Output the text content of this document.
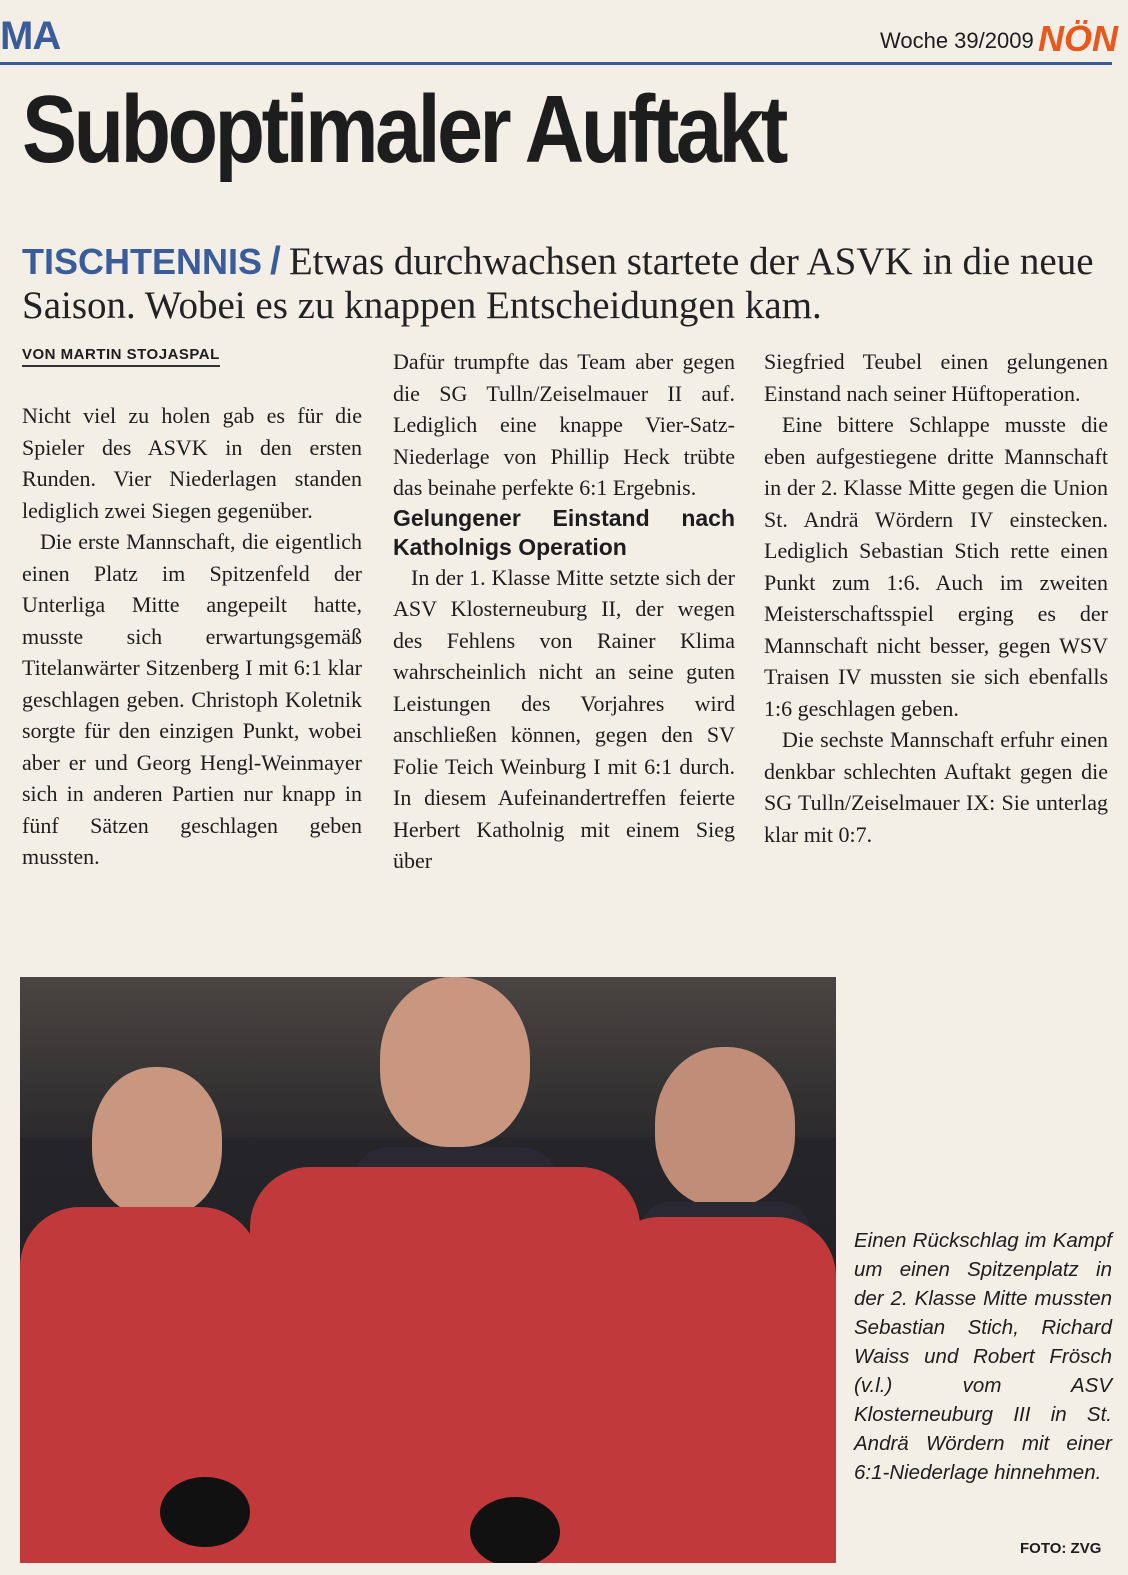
MA	Woche 39/2009 NÖN
Suboptimaler Auftakt
TISCHTENNIS / Etwas durchwachsen startete der ASVK in die neue Saison. Wobei es zu knappen Entscheidungen kam.
VON MARTIN STOJASPAL

Nicht viel zu holen gab es für die Spieler des ASVK in den ersten Runden. Vier Niederlagen standen lediglich zwei Siegen gegenüber.

Die erste Mannschaft, die eigentlich einen Platz im Spitzenfeld der Unterliga Mitte angepeilt hatte, musste sich erwartungsgemäß Titelanwärter Sitzenberg I mit 6:1 klar geschlagen geben. Christoph Koletnik sorgte für den einzigen Punkt, wobei aber er und Georg Hengl-Weinmayer sich in anderen Partien nur knapp in fünf Sätzen geschlagen geben mussten.

Dafür trumpfte das Team aber gegen die SG Tulln/Zeiselmauer II auf. Lediglich eine knappe Vier-Satz-Niederlage von Phillip Heck trübte das beinahe perfekte 6:1 Ergebnis.

Gelungener Einstand nach Katholnigs Operation

In der 1. Klasse Mitte setzte sich der ASV Klosterneuburg II, der wegen des Fehlens von Rainer Klima wahrscheinlich nicht an seine guten Leistungen des Vorjahres wird anschließen können, gegen den SV Folie Teich Weinburg I mit 6:1 durch. In diesem Aufeinandertreffen feierte Herbert Katholnig mit einem Sieg über

Siegfried Teubel einen gelungenen Einstand nach seiner Hüftoperation.

Eine bittere Schlappe musste die eben aufgestiegene dritte Mannschaft in der 2. Klasse Mitte gegen die Union St. Andrä Wördern IV einstecken. Lediglich Sebastian Stich rette einen Punkt zum 1:6. Auch im zweiten Meisterschaftsspiel erging es der Mannschaft nicht besser, gegen WSV Traisen IV mussten sie sich ebenfalls 1:6 geschlagen geben.

Die sechste Mannschaft erfuhr einen denkbar schlechten Auftakt gegen die SG Tulln/Zeiselmauer IX: Sie unterlag klar mit 0:7.

Einen Rückschlag im Kampf um einen Spitzenplatz in der 2. Klasse Mitte mussten Sebastian Stich, Richard Waiss und Robert Frösch (v.l.) vom ASV Klosterneuburg III in St. Andrä Wördern mit einer 6:1-Niederlage hinnehmen.
FOTO: ZVG
